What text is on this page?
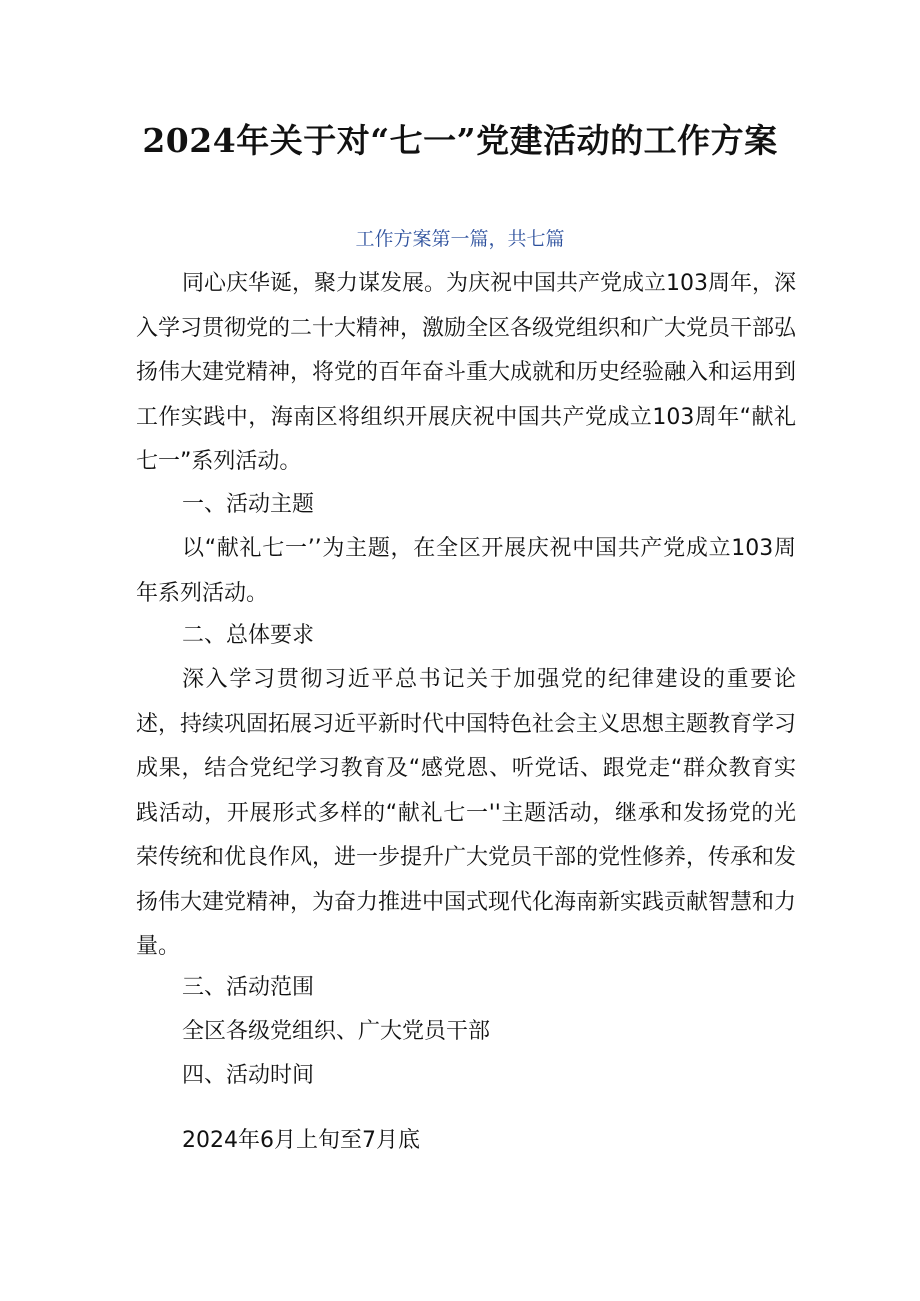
2024年关于对“七一”党建活动的工作方案
工作方案第一篇，共七篇

同心庆华诞，聚力谋发展。为庆祝中国共产党成立103周年，深入学习贯彻党的二十大精神，激励全区各级党组织和广大党员干部弘扬伟大建党精神，将党的百年奋斗重大成就和历史经验融入和运用到工作实践中，海南区将组织开展庆祝中国共产党成立103周年“献礼七一”系列活动。

一、活动主题

以“献礼七一’’为主题，在全区开展庆祝中国共产党成立103周年系列活动。

二、总体要求

深入学习贯彻习近平总书记关于加强党的纪律建设的重要论述，持续巩固拓展习近平新时代中国特色社会主义思想主题教育学习成果，结合党纪学习教育及“感党恩、听党话、跟党走“群众教育实践活动，开展形式多样的“献礼七一''主题活动，继承和发扬党的光荣传统和优良作风，进一步提升广大党员干部的党性修养，传承和发扬伟大建党精神，为奋力推进中国式现代化海南新实践贡献智慧和力量。

三、活动范围
全区各级党组织、广大党员干部
四、活动时间
2024年6月上旬至7月底
